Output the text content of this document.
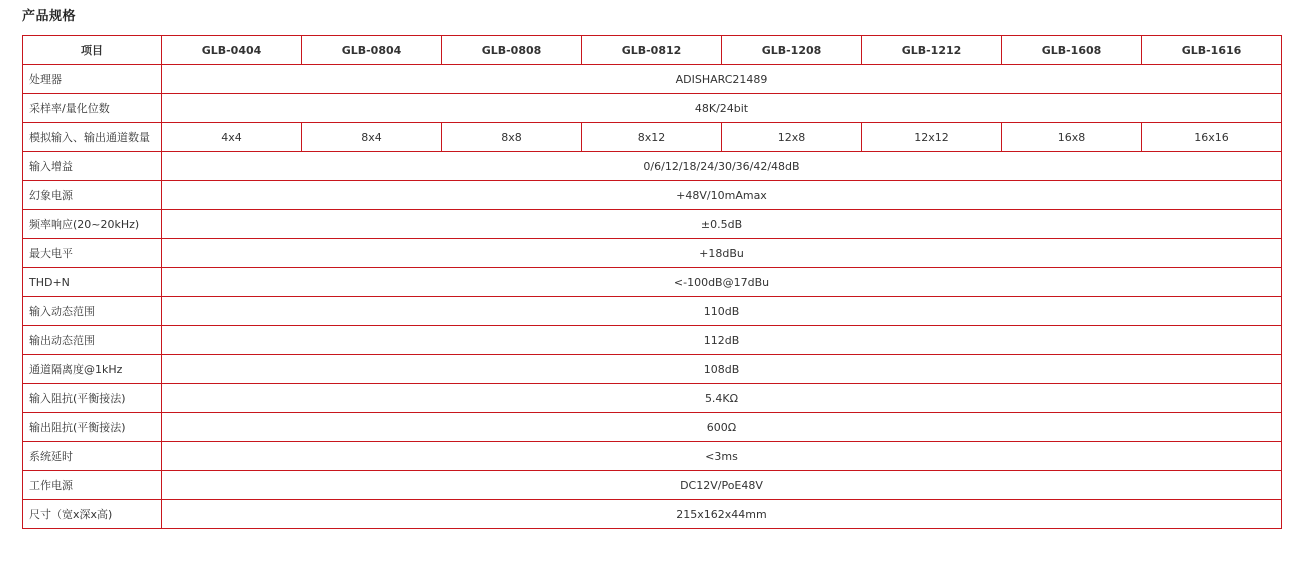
产品规格
项目	GLB-0404	GLB-0804	GLB-0808	GLB-0812	GLB-1208	GLB-1212	GLB-1608	GLB-1616
处理器	ADISHARC21489							
采样率/量化位数	48K/24bit							
模拟输入、输出通道数量	4x4	8x4	8x8	8x12	12x8	12x12	16x8	16x16
输入增益	0/6/12/18/24/30/36/42/48dB							
幻象电源	+48V/10mAmax							
频率响应(20~20kHz)	±0.5dB							
最大电平	+18dBu							
THD+N	<-100dB@17dBu							
输入动态范围	110dB							
输出动态范围	112dB							
通道隔离度@1kHz	108dB							
输入阻抗(平衡接法)	5.4KΩ							
输出阻抗(平衡接法)	600Ω							
系统延时	<3ms							
工作电源	DC12V/PoE48V							
尺寸（宽x深x高)	215x162x44mm							
